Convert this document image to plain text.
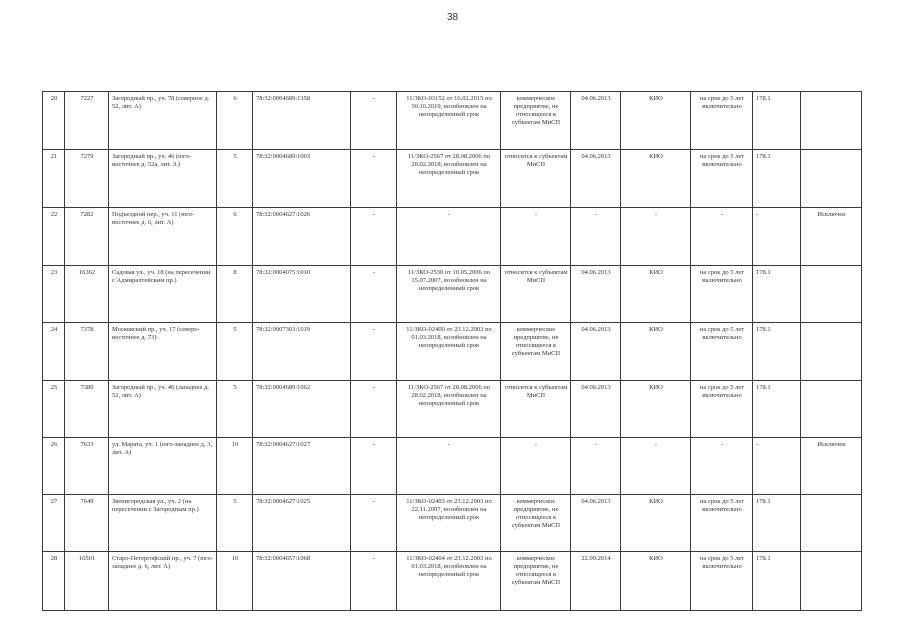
38
20	7227	Загородный пр., уч. 78 (северное д. 52, лит. А)	6	78:32:0004689:1358	-	11/ЗКО-03152 от 16.02.2015 по 30.10.2019, возобновлен на неопределенный срок	коммерческое предприятие, не относящееся к субъектам МиСП	04.06.2013	КИО	на срок до 5 лет включительно	178.1	
21	7279	Загородный пр., уч. 46 (юго-восточнее д. 52а, лит. З.)	5	78:32:0004689:1003	-	11/ЗКО-2567 от 28.08.2006 по 28.02.2018, возобновлен на неопределенный срок	относится к субъектам МиСП	04.06.2013	КИО	на срок до 5 лет включительно	178.1	
22	7282	Подъездной пер., уч. 11 (юго-восточнее д. 6, лит. А)	6	78:32:0004627:1026	-	-	-	-	-	-	-	Исключен
23	16362	Садовая ул., уч. 18 (на пересечении с Адмиралтейским пр.)	8	78:32:0004075:1010	-	11/ЗКО-2530 от 10.05.2006 по 15.07.2007, возобновлен на неопределенный срок	относится к субъектам МиСП	04.06.2013	КИО	на срок до 5 лет включительно	178.1	
24	7378	Московский пр., уч. 17 (северо-восточнее д. 73)	5	78:32:0007303:1019	-	11/ЗКО-02400 от 23.12.2003 по 01.03.2018, возобновлен на неопределенный срок	коммерческое предприятие, не относящееся к субъектам МиСП	04.06.2013	КИО	на срок до 5 лет включительно	178.1	
25	7380	Загородный пр., уч. 46 (западнее д. 52, лит. А)	5	78:32:0004689:1062	-	11/ЗКО-2567 от 28.08.2006 по 28.02.2018, возобновлен на неопределенный срок	относится к субъектам МиСП	04.06.2013	КИО	на срок до 5 лет включительно	178.1	
26	7633	ул. Марата, уч. 1 (юго-западнее д. 3, лит. А)	10	78:32:0004627:1027	-	-	-	-	-	-	-	Исключен
27	7649	Звенигородская ул., уч. 2 (на пересечении с Загородным пр.)	5	78:32:0004627:1025	-	11/ЗКО-02403 от 23.12.2003 по 22.11.2007, возобновлен на неопределенный срок	коммерческое предприятие, не относящееся к субъектам МиСП	04.06.2013	КИО	на срок до 5 лет включительно	178.1	
28	16501	Старо-Петергофский пр., уч. 7 (юго-западнее д. 6, лит. А)	10	78:32:0004657:1068	-	11/ЗКО-02404 от 23.12.2003 по 01.03.2018, возобновлен на неопределенный срок	коммерческое предприятие, не относящееся к субъектам МиСП	22.09.2014	КИО	на срок до 5 лет включительно	178.1	
